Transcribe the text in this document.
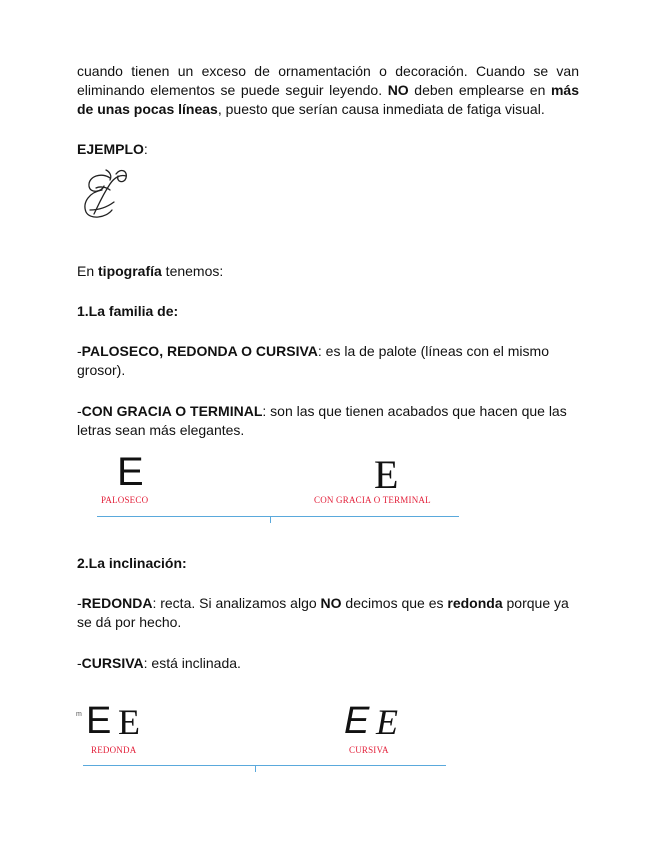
cuando tienen un exceso de ornamentación o decoración. Cuando se van eliminando elementos se puede seguir leyendo. NO deben emplearse en más de unas pocas líneas, puesto que serían causa inmediata de fatiga visual.

EJEMPLO:

En tipografía tenemos:

1.La familia de:

-PALOSECO, REDONDA O CURSIVA: es la de palote (líneas con el mismo grosor).

-CON GRACIA O TERMINAL: son las que tienen acabados que hacen que las letras sean más elegantes.

E
PALOSECO
E
CON GRACIA O TERMINAL

2.La inclinación:

-REDONDA: recta. Si analizamos algo NO decimos que es redonda porque ya se dá por hecho.

-CURSIVA: está inclinada.

m E E
REDONDA
E E
CURSIVA
